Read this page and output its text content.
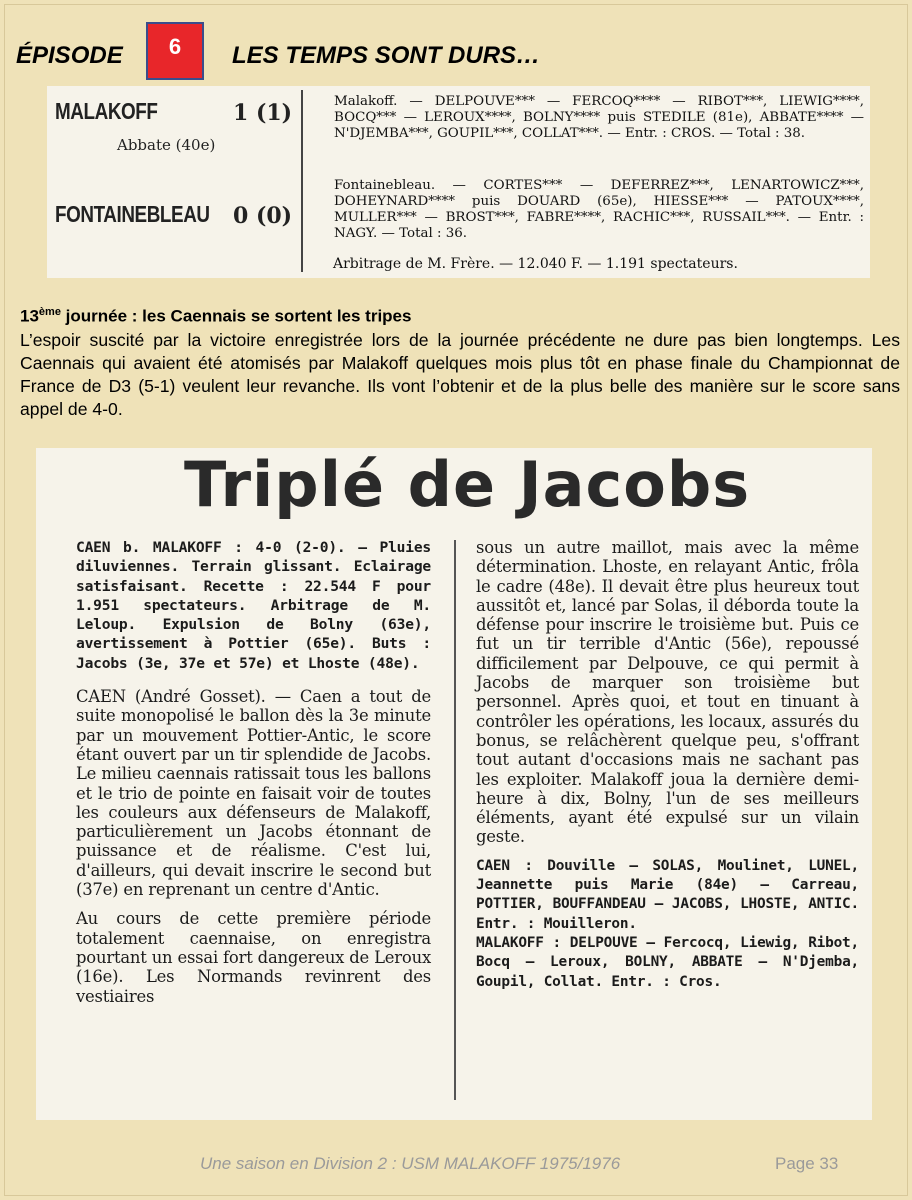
ÉPISODE	6	LES TEMPS SONT DURS…
MALAKOFF	1 (1)
Abbate (40e)
FONTAINEBLEAU 0 (0)
Malakoff. — DELPOUVE*** — FERCOQ**** — RIBOT***, LIEWIG****, BOCQ*** — LEROUX****, BOLNY**** puis STEDILE (81e), ABBATE**** — N'DJEMBA***, GOUPIL***, COLLAT***. — Entr. : CROS. — Total : 38.
Fontainebleau. — CORTES*** — DEFERREZ***, LENARTOWICZ***, DOHEYNARD**** puis DOUARD (65e), HIESSE*** — PATOUX****, MULLER*** — BROST***, FABRE****, RACHIC***, RUSSAIL***. — Entr. : NAGY. — Total : 36.
Arbitrage de M. Frère. — 12.040 F. — 1.191 spectateurs.
13ème journée : les Caennais se sortent les tripes
L’espoir suscité par la victoire enregistrée lors de la journée précédente ne dure pas bien longtemps. Les Caennais qui avaient été atomisés par Malakoff quelques mois plus tôt en phase finale du Championnat de France de D3 (5-1) veulent leur revanche. Ils vont l’obtenir et de la plus belle des manière sur le score sans appel de 4-0.
Triplé de Jacobs

CAEN b. MALAKOFF : 4-0 (2-0). — Pluies diluviennes. Terrain glissant. Eclairage satisfaisant. Recette : 22.544 F pour 1.951 spectateurs. Arbitrage de M. Leloup. Expulsion de Bolny (63e), avertissement à Pottier (65e). Buts : Jacobs (3e, 37e et 57e) et Lhoste (48e).

CAEN (André Gosset). — Caen a tout de suite monopolisé le ballon dès la 3e minute par un mouvement Pottier-Antic, le score étant ouvert par un tir splendide de Jacobs. Le milieu caennais ratissait tous les ballons et le trio de pointe en faisait voir de toutes les couleurs aux défenseurs de Malakoff, particulièrement un Jacobs étonnant de puissance et de réalisme. C'est lui, d'ailleurs, qui devait inscrire le second but (37e) en reprenant un centre d'Antic.

Au cours de cette première période totalement caennaise, on enregistra pourtant un essai fort dangereux de Leroux (16e). Les Normands revinrent des vestiaires

sous un autre maillot, mais avec la même détermination. Lhoste, en relayant Antic, frôla le cadre (48e). Il devait être plus heureux tout aussitôt et, lancé par Solas, il déborda toute la défense pour inscrire le troisième but. Puis ce fut un tir terrible d'Antic (56e), repoussé difficilement par Delpouve, ce qui permit à Jacobs de marquer son troisième but personnel. Après quoi, et tout en tinuant à contrôler les opérations, les locaux, assurés du bonus, se relâchèrent quelque peu, s'offrant tout autant d'occasions mais ne sachant pas les exploiter. Malakoff joua la dernière demi-heure à dix, Bolny, l'un de ses meilleurs éléments, ayant été expulsé sur un vilain geste.

CAEN : Douville — SOLAS, Moulinet, LUNEL, Jeannette puis Marie (84e) — Carreau, POTTIER, BOUFFANDEAU — JACOBS, LHOSTE, ANTIC. Entr. : Mouilleron.

MALAKOFF : DELPOUVE — Fercocq, Liewig, Ribot, Bocq — Leroux, BOLNY, ABBATE — N'Djemba, Goupil, Collat. Entr. : Cros.

Une saison en Division 2 : USM MALAKOFF 1975/1976	Page 33
